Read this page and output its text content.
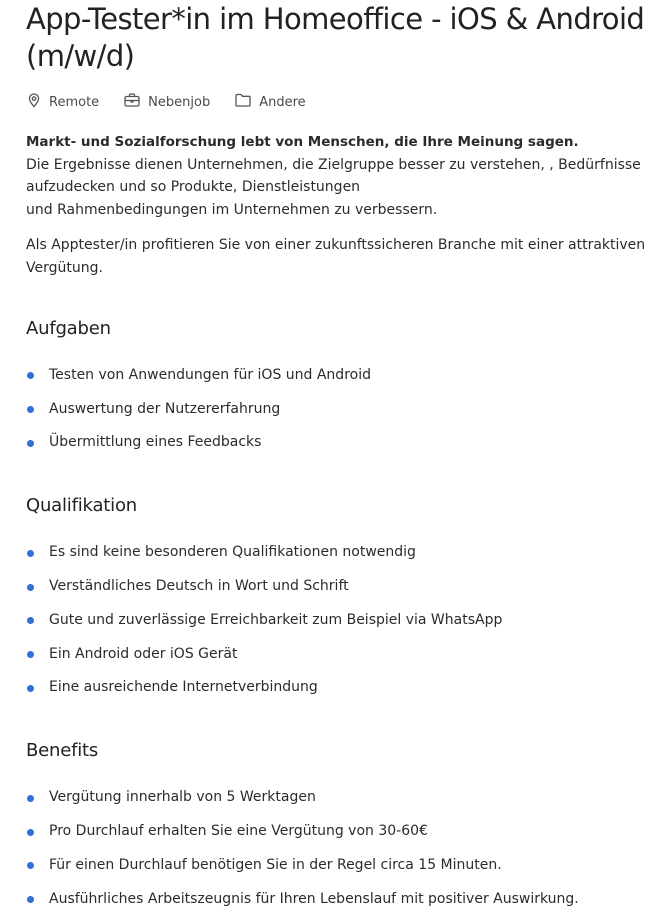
App-Tester*in im Homeoffice - iOS & Android (m/w/d)
Remote	Nebenjob	Andere

Markt- und Sozialforschung lebt von Menschen, die Ihre Meinung sagen.
Die Ergebnisse dienen Unternehmen, die Zielgruppe besser zu verstehen, , Bedürfnisse aufzudecken und so Produkte, Dienstleistungen
und Rahmenbedingungen im Unternehmen zu verbessern.

Als Apptester/in profitieren Sie von einer zukunftssicheren Branche mit einer attraktiven Vergütung.

Aufgaben
Testen von Anwendungen für iOS und Android
Auswertung der Nutzererfahrung
Übermittlung eines Feedbacks
Qualifikation
Es sind keine besonderen Qualifikationen notwendig
Verständliches Deutsch in Wort und Schrift
Gute und zuverlässige Erreichbarkeit zum Beispiel via WhatsApp
Ein Android oder iOS Gerät
Eine ausreichende Internetverbindung
Benefits
Vergütung innerhalb von 5 Werktagen
Pro Durchlauf erhalten Sie eine Vergütung von 30-60€
Für einen Durchlauf benötigen Sie in der Regel circa 15 Minuten.
Ausführliches Arbeitszeugnis für Ihren Lebenslauf mit positiver Auswirkung.
